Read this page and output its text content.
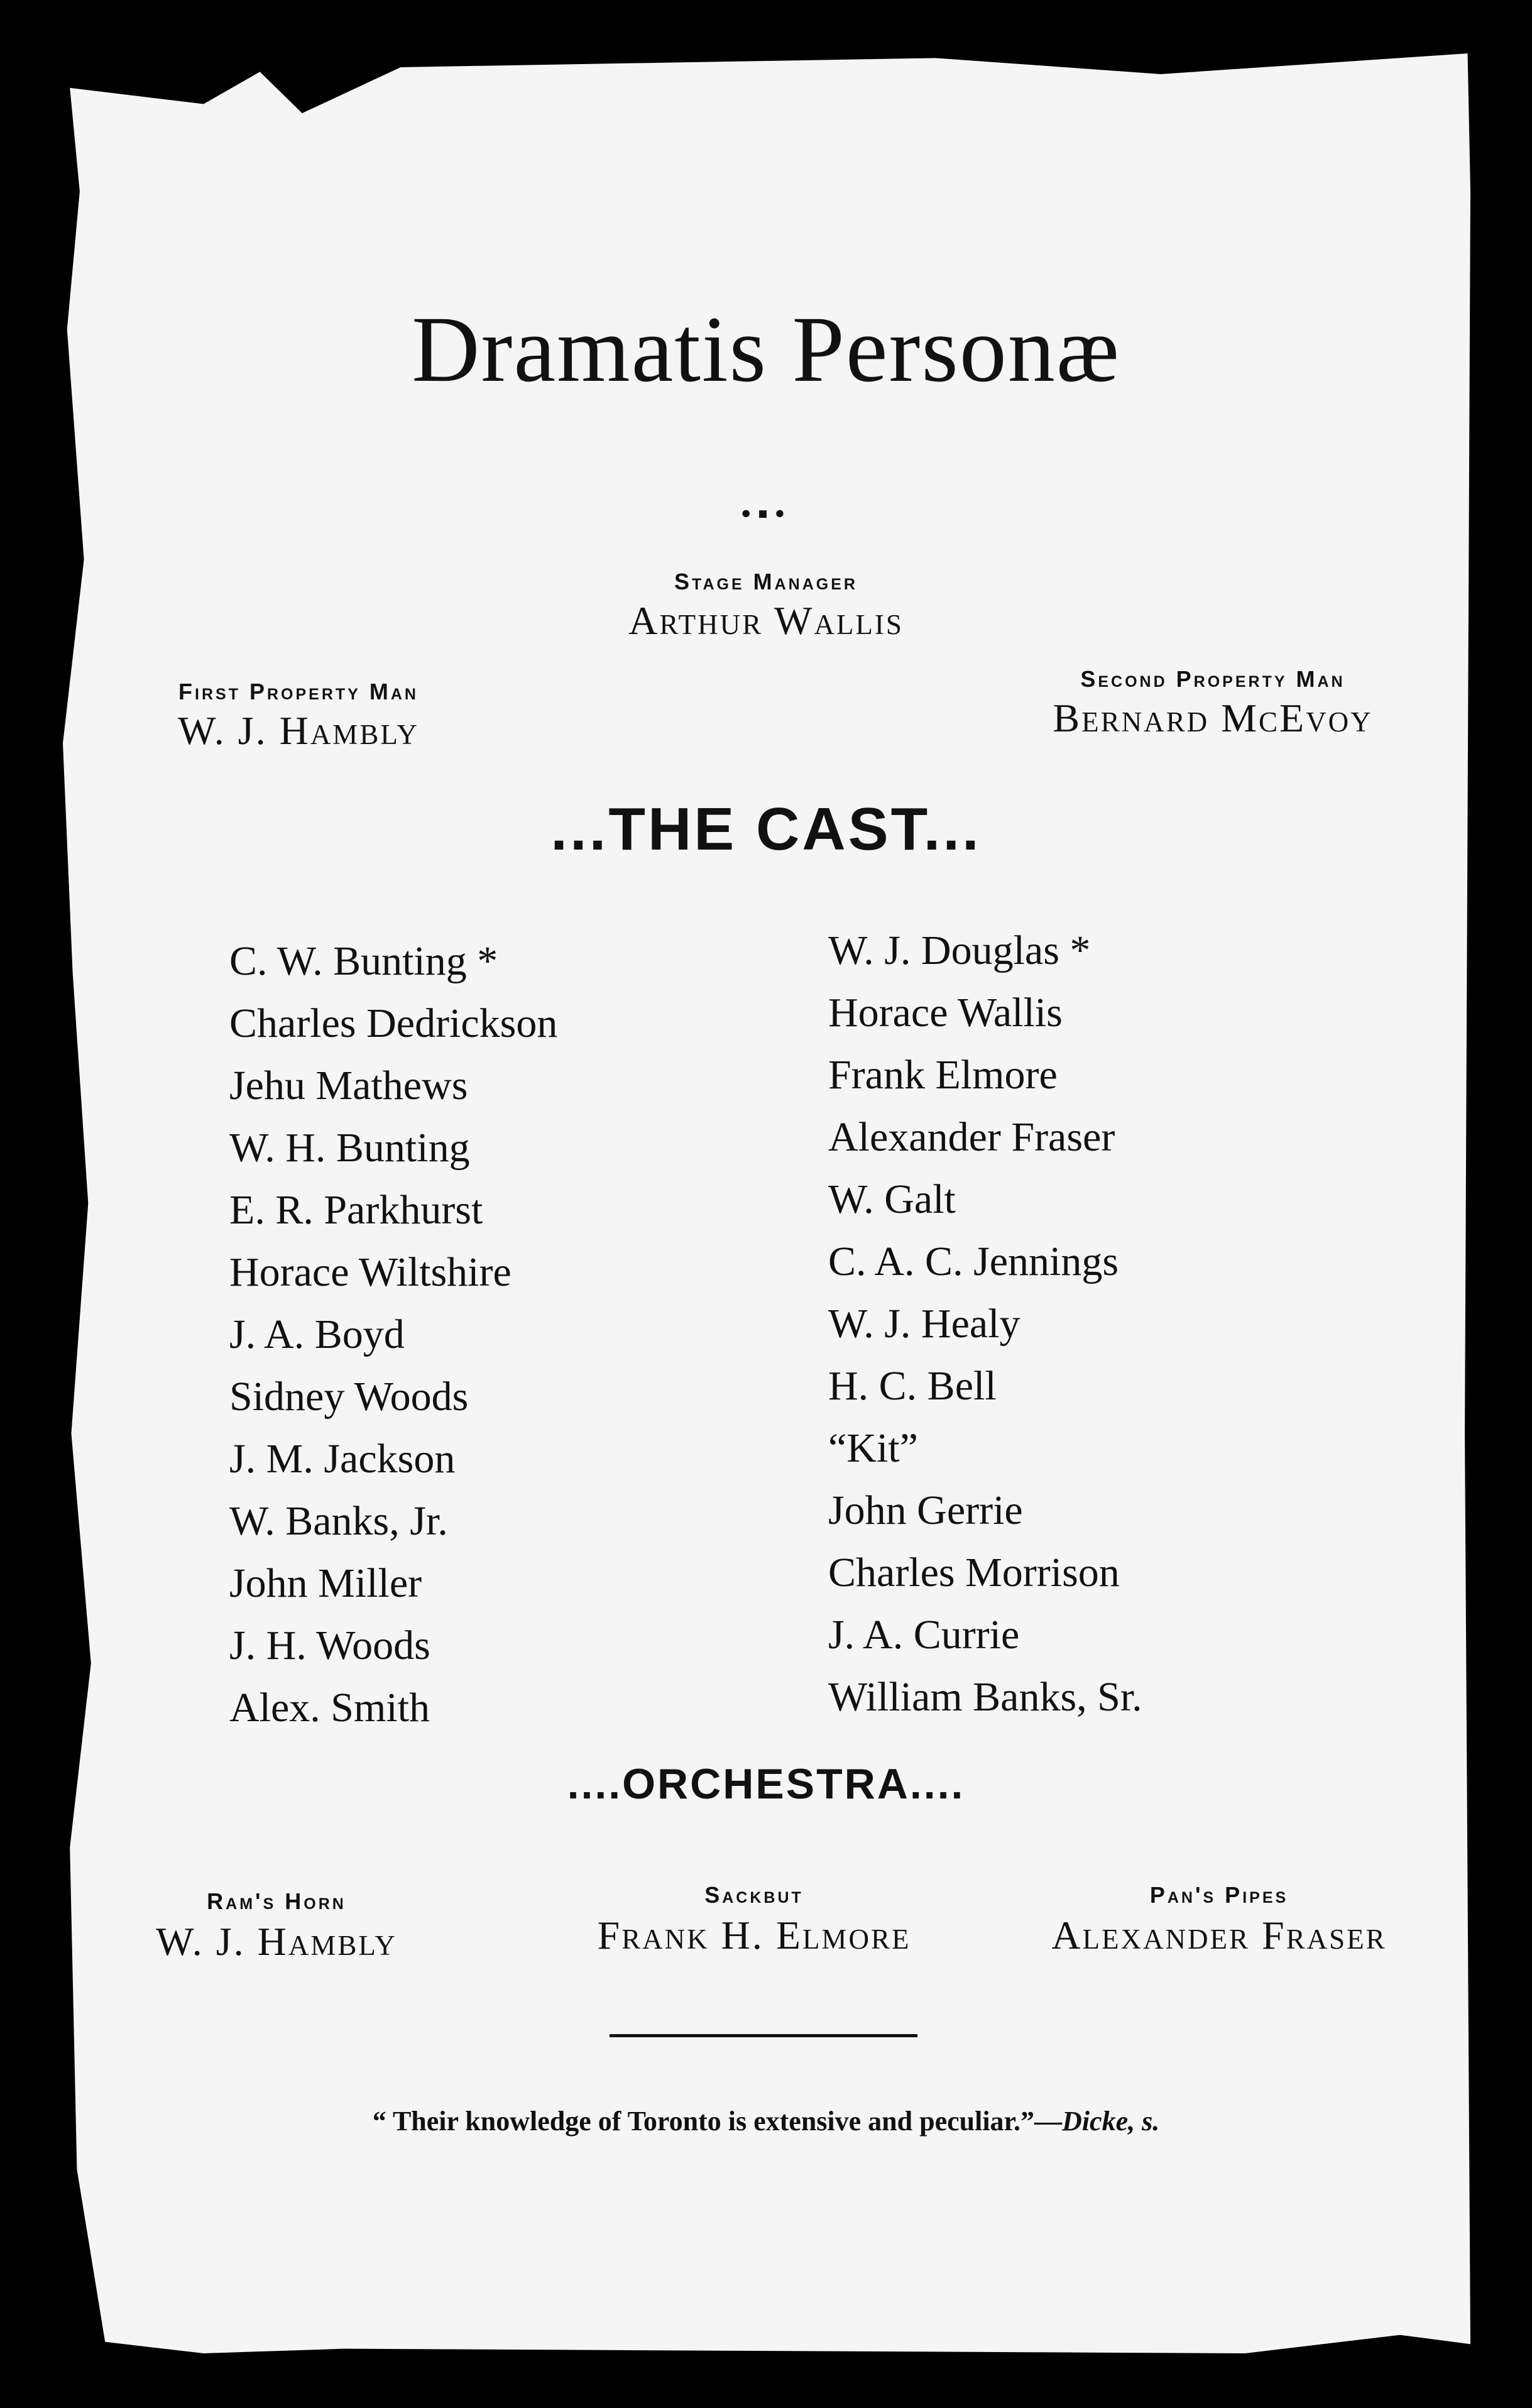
Dramatis Personæ
•▪•
Stage Manager
Arthur Wallis
First Property Man
W. J. Hambly
Second Property Man
Bernard McEvoy
...THE CAST...
C. W. Bunting *
Charles Dedrickson
Jehu Mathews
W. H. Bunting
E. R. Parkhurst
Horace Wiltshire
J. A. Boyd
Sidney Woods
J. M. Jackson
W. Banks, Jr.
John Miller
J. H. Woods
Alex. Smith
W. J. Douglas *
Horace Wallis
Frank Elmore
Alexander Fraser
W. Galt
C. A. C. Jennings
W. J. Healy
H. C. Bell
“Kit”
John Gerrie
Charles Morrison
J. A. Currie
William Banks, Sr.
....ORCHESTRA....
Ram's Horn
W. J. Hambly
Sackbut
Frank H. Elmore
Pan's Pipes
Alexander Fraser
“ Their knowledge of Toronto is extensive and peculiar.”—Dicke, s.
